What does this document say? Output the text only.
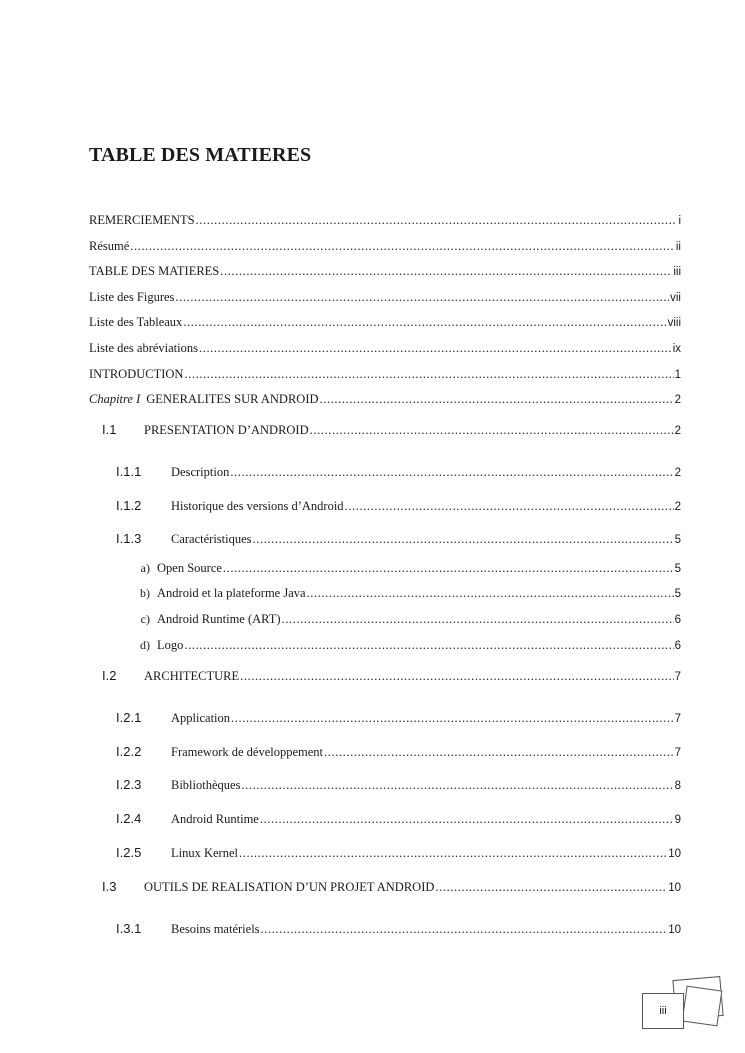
TABLE DES MATIERES
REMERCIEMENTS .....	i
Résumé .....	ii
TABLE DES MATIERES .....	iii
Liste des Figures .....	vii
Liste des Tableaux .....	viii
Liste des abréviations .....	ix
INTRODUCTION .....	1
Chapitre I GENERALITES SUR ANDROID .....	2
I.1	PRESENTATION D’ANDROID .....	2
I.1.1	Description .....	2
I.1.2	Historique des versions d’Android .....	2
I.1.3	Caractéristiques .....	5
a) Open Source .....	5
b) Android et la plateforme Java .....	5
c) Android Runtime (ART) .....	6
d) Logo .....	6
I.2	ARCHITECTURE .....	7
I.2.1	Application .....	7
I.2.2	Framework de développement .....	7
I.2.3	Bibliothèques .....	8
I.2.4	Android Runtime .....	9
I.2.5	Linux Kernel .....	10
I.3	OUTILS DE REALISATION D’UN PROJET ANDROID .....	10
I.3.1	Besoins matériels .....	10
iii
